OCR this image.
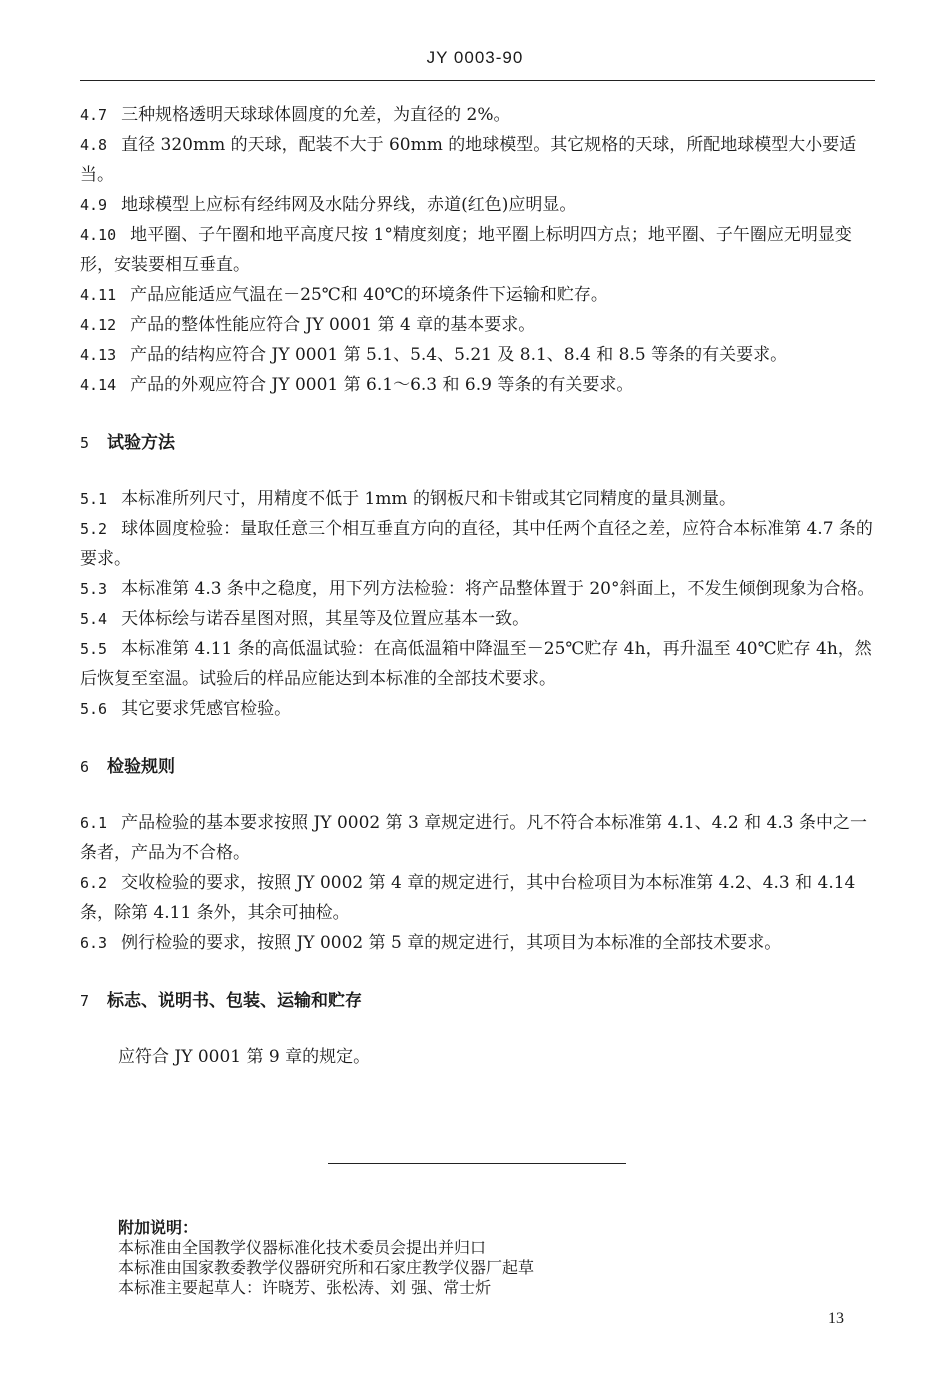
JY 0003-90

4.7 三种规格透明天球球体圆度的允差，为直径的 2%。

4.8 直径 320mm 的天球，配装不大于 60mm 的地球模型。其它规格的天球，所配地球模型大小要适当。

4.9 地球模型上应标有经纬网及水陆分界线，赤道(红色)应明显。

4.10 地平圈、子午圈和地平高度尺按 1°精度刻度；地平圈上标明四方点；地平圈、子午圈应无明显变形，安装要相互垂直。

4.11 产品应能适应气温在－25℃和 40℃的环境条件下运输和贮存。

4.12 产品的整体性能应符合 JY 0001 第 4 章的基本要求。

4.13 产品的结构应符合 JY 0001 第 5.1、5.4、5.21 及 8.1、8.4 和 8.5 等条的有关要求。

4.14 产品的外观应符合 JY 0001 第 6.1～6.3 和 6.9 等条的有关要求。

5 试验方法

5.1 本标准所列尺寸，用精度不低于 1mm 的钢板尺和卡钳或其它同精度的量具测量。

5.2 球体圆度检验：量取任意三个相互垂直方向的直径，其中任两个直径之差，应符合本标准第 4.7 条的要求。

5.3 本标准第 4.3 条中之稳度，用下列方法检验：将产品整体置于 20°斜面上，不发生倾倒现象为合格。

5.4 天体标绘与诺吞星图对照，其星等及位置应基本一致。

5.5 本标准第 4.11 条的高低温试验：在高低温箱中降温至－25℃贮存 4h，再升温至 40℃贮存 4h，然后恢复至室温。试验后的样品应能达到本标准的全部技术要求。

5.6 其它要求凭感官检验。

6 检验规则

6.1 产品检验的基本要求按照 JY 0002 第 3 章规定进行。凡不符合本标准第 4.1、4.2 和 4.3 条中之一条者，产品为不合格。

6.2 交收检验的要求，按照 JY 0002 第 4 章的规定进行，其中台检项目为本标准第 4.2、4.3 和 4.14 条，除第 4.11 条外，其余可抽检。

6.3 例行检验的要求，按照 JY 0002 第 5 章的规定进行，其项目为本标准的全部技术要求。

7 标志、说明书、包装、运输和贮存

应符合 JY 0001 第 9 章的规定。

附加说明：
本标准由全国教学仪器标准化技术委员会提出并归口
本标准由国家教委教学仪器研究所和石家庄教学仪器厂起草
本标准主要起草人：许晓芳、张松涛、刘 强、常士炘
13
